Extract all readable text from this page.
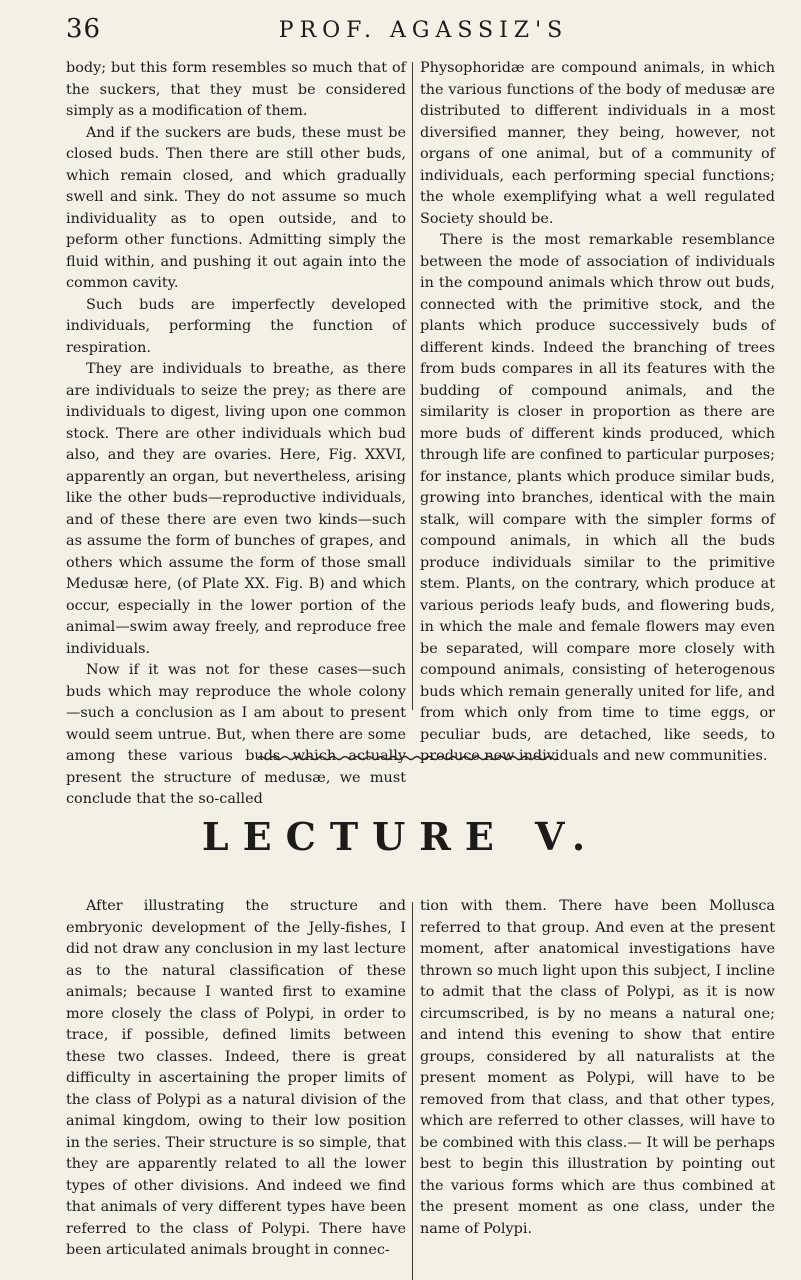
36	PROF. AGASSIZ'S

body; but this form resembles so much that of the suckers, that they must be considered simply as a modification of them.

And if the suckers are buds, these must be closed buds. Then there are still other buds, which remain closed, and which gradually swell and sink. They do not assume so much individuality as to open outside, and to peform other functions. Admitting simply the fluid within, and pushing it out again into the common cavity.

Such buds are imperfectly developed individuals, performing the function of respiration.

They are individuals to breathe, as there are individuals to seize the prey; as there are individuals to digest, living upon one common stock. There are other individuals which bud also, and they are ovaries. Here, Fig. XXVI, apparently an organ, but nevertheless, arising like the other buds—reproductive individuals, and of these there are even two kinds—such as assume the form of bunches of grapes, and others which assume the form of those small Medusæ here, (of Plate XX. Fig. B) and which occur, especially in the lower portion of the animal—swim away freely, and reproduce free individuals.

Now if it was not for these cases—such buds which may reproduce the whole colony—such a conclusion as I am about to present would seem untrue. But, when there are some among these various buds which actually present the structure of medusæ, we must conclude that the so-called

Physophoridæ are compound animals, in which the various functions of the body of medusæ are distributed to different individuals in a most diversified manner, they being, however, not organs of one animal, but of a community of individuals, each performing special functions; the whole exemplifying what a well regulated Society should be.

There is the most remarkable resemblance between the mode of association of individuals in the compound animals which throw out buds, connected with the primitive stock, and the plants which produce successively buds of different kinds. Indeed the branching of trees from buds compares in all its features with the budding of compound animals, and the similarity is closer in proportion as there are more buds of different kinds produced, which through life are confined to particular purposes; for instance, plants which produce similar buds, growing into branches, identical with the main stalk, will compare with the simpler forms of compound animals, in which all the buds produce individuals similar to the primitive stem. Plants, on the contrary, which produce at various periods leafy buds, and flowering buds, in which the male and female flowers may even be separated, will compare more closely with compound animals, consisting of heterogenous buds which remain generally united for life, and from which only from time to time eggs, or peculiar buds, are detached, like seeds, to produce new individuals and new communities.

LECTURE V.

After illustrating the structure and embryonic development of the Jelly-fishes, I did not draw any conclusion in my last lecture as to the natural classification of these animals; because I wanted first to examine more closely the class of Polypi, in order to trace, if possible, defined limits between these two classes. Indeed, there is great difficulty in ascertaining the proper limits of the class of Polypi as a natural division of the animal kingdom, owing to their low position in the series. Their structure is so simple, that they are apparently related to all the lower types of other divisions. And indeed we find that animals of very different types have been referred to the class of Polypi. There have been articulated animals brought in connec-

tion with them. There have been Mollusca referred to that group. And even at the present moment, after anatomical investigations have thrown so much light upon this subject, I incline to admit that the class of Polypi, as it is now circumscribed, is by no means a natural one; and intend this evening to show that entire groups, considered by all naturalists at the present moment as Polypi, will have to be removed from that class, and that other types, which are referred to other classes, will have to be combined with this class.— It will be perhaps best to begin this illustration by pointing out the various forms which are thus combined at the present moment as one class, under the name of Polypi.
